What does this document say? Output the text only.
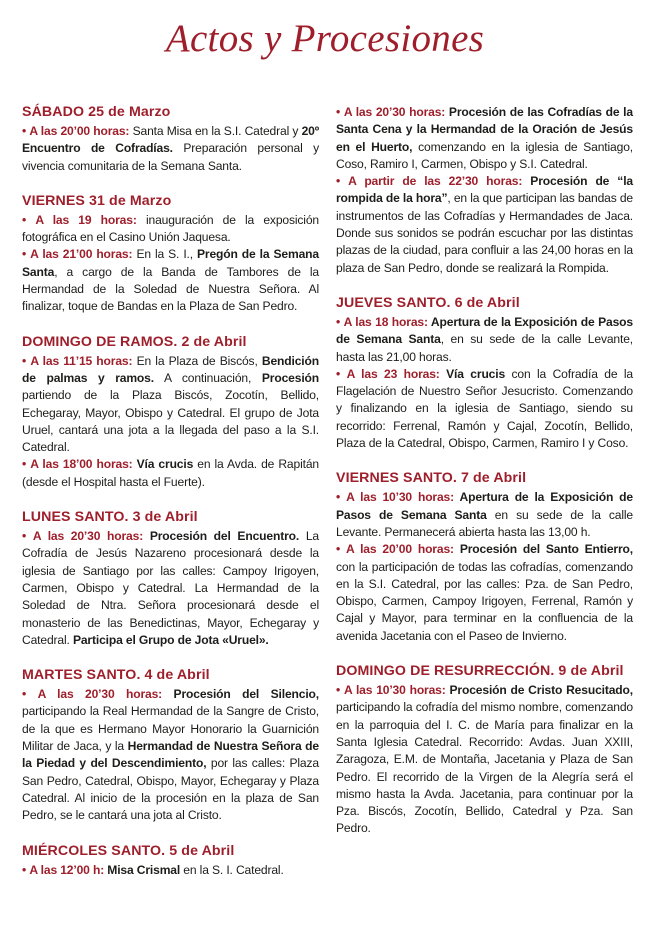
Actos y Procesiones
SÁBADO 25 de Marzo
• A las 20’00 horas: Santa Misa en la S.I. Catedral y 20º Encuentro de Cofradías. Preparación personal y vivencia comunitaria de la Semana Santa.
VIERNES 31 de Marzo
• A las 19 horas: inauguración de la exposición fotográfica en el Casino Unión Jaquesa.
• A las 21’00 horas: En la S. I., Pregón de la Semana Santa, a cargo de la Banda de Tambores de la Hermandad de la Soledad de Nuestra Señora. Al finalizar, toque de Bandas en la Plaza de San Pedro.
DOMINGO DE RAMOS. 2 de Abril
• A las 11’15 horas: En la Plaza de Biscós, Bendición de palmas y ramos. A continuación, Procesión partiendo de la Plaza Biscós, Zocotín, Bellido, Echegaray, Mayor, Obispo y Catedral. El grupo de Jota Uruel, cantará una jota a la llegada del paso a la S.I. Catedral.
• A las 18’00 horas: Vía crucis en la Avda. de Rapitán (desde el Hospital hasta el Fuerte).
LUNES SANTO. 3 de Abril
• A las 20’30 horas: Procesión del Encuentro. La Cofradía de Jesús Nazareno procesionará desde la iglesia de Santiago por las calles: Campoy Irigoyen, Carmen, Obispo y Catedral. La Hermandad de la Soledad de Ntra. Señora procesionará desde el monasterio de las Benedictinas, Mayor, Echegaray y Catedral. Participa el Grupo de Jota «Uruel».
MARTES SANTO. 4 de Abril
• A las 20’30 horas: Procesión del Silencio, participando la Real Hermandad de la Sangre de Cristo, de la que es Hermano Mayor Honorario la Guarnición Militar de Jaca, y la Hermandad de Nuestra Señora de la Piedad y del Descendimiento, por las calles: Plaza San Pedro, Catedral, Obispo, Mayor, Echegaray y Plaza Catedral. Al inicio de la procesión en la plaza de San Pedro, se le cantará una jota al Cristo.
MIÉRCOLES SANTO. 5 de Abril
• A las 12’00 h: Misa Crismal en la S. I. Catedral.
• A las 20’30 horas: Procesión de las Cofradías de la Santa Cena y la Hermandad de la Oración de Jesús en el Huerto, comenzando en la iglesia de Santiago, Coso, Ramiro I, Carmen, Obispo y S.I. Catedral.
• A partir de las 22’30 horas: Procesión de “la rompida de la hora”, en la que participan las bandas de instrumentos de las Cofradías y Hermandades de Jaca. Donde sus sonidos se podrán escuchar por las distintas plazas de la ciudad, para confluir a las 24,00 horas en la plaza de San Pedro, donde se realizará la Rompida.
JUEVES SANTO. 6 de Abril
• A las 18 horas: Apertura de la Exposición de Pasos de Semana Santa, en su sede de la calle Levante, hasta las 21,00 horas.
• A las 23 horas: Vía crucis con la Cofradía de la Flagelación de Nuestro Señor Jesucristo. Comenzando y finalizando en la iglesia de Santiago, siendo su recorrido: Ferrenal, Ramón y Cajal, Zocotín, Bellido, Plaza de la Catedral, Obispo, Carmen, Ramiro I y Coso.
VIERNES SANTO. 7 de Abril
• A las 10’30 horas: Apertura de la Exposición de Pasos de Semana Santa en su sede de la calle Levante. Permanecerá abierta hasta las 13,00 h.
• A las 20’00 horas: Procesión del Santo Entierro, con la participación de todas las cofradías, comenzando en la S.I. Catedral, por las calles: Pza. de San Pedro, Obispo, Carmen, Campoy Irigoyen, Ferrenal, Ramón y Cajal y Mayor, para terminar en la confluencia de la avenida Jacetania con el Paseo de Invierno.
DOMINGO DE RESURRECCIÓN. 9 de Abril
• A las 10’30 horas: Procesión de Cristo Resucitado, participando la cofradía del mismo nombre, comenzando en la parroquia del I. C. de María para finalizar en la Santa Iglesia Catedral. Recorrido: Avdas. Juan XXIII, Zaragoza, E.M. de Montaña, Jacetania y Plaza de San Pedro. El recorrido de la Virgen de la Alegría será el mismo hasta la Avda. Jacetania, para continuar por la Pza. Biscós, Zocotín, Bellido, Catedral y Pza. San Pedro.
